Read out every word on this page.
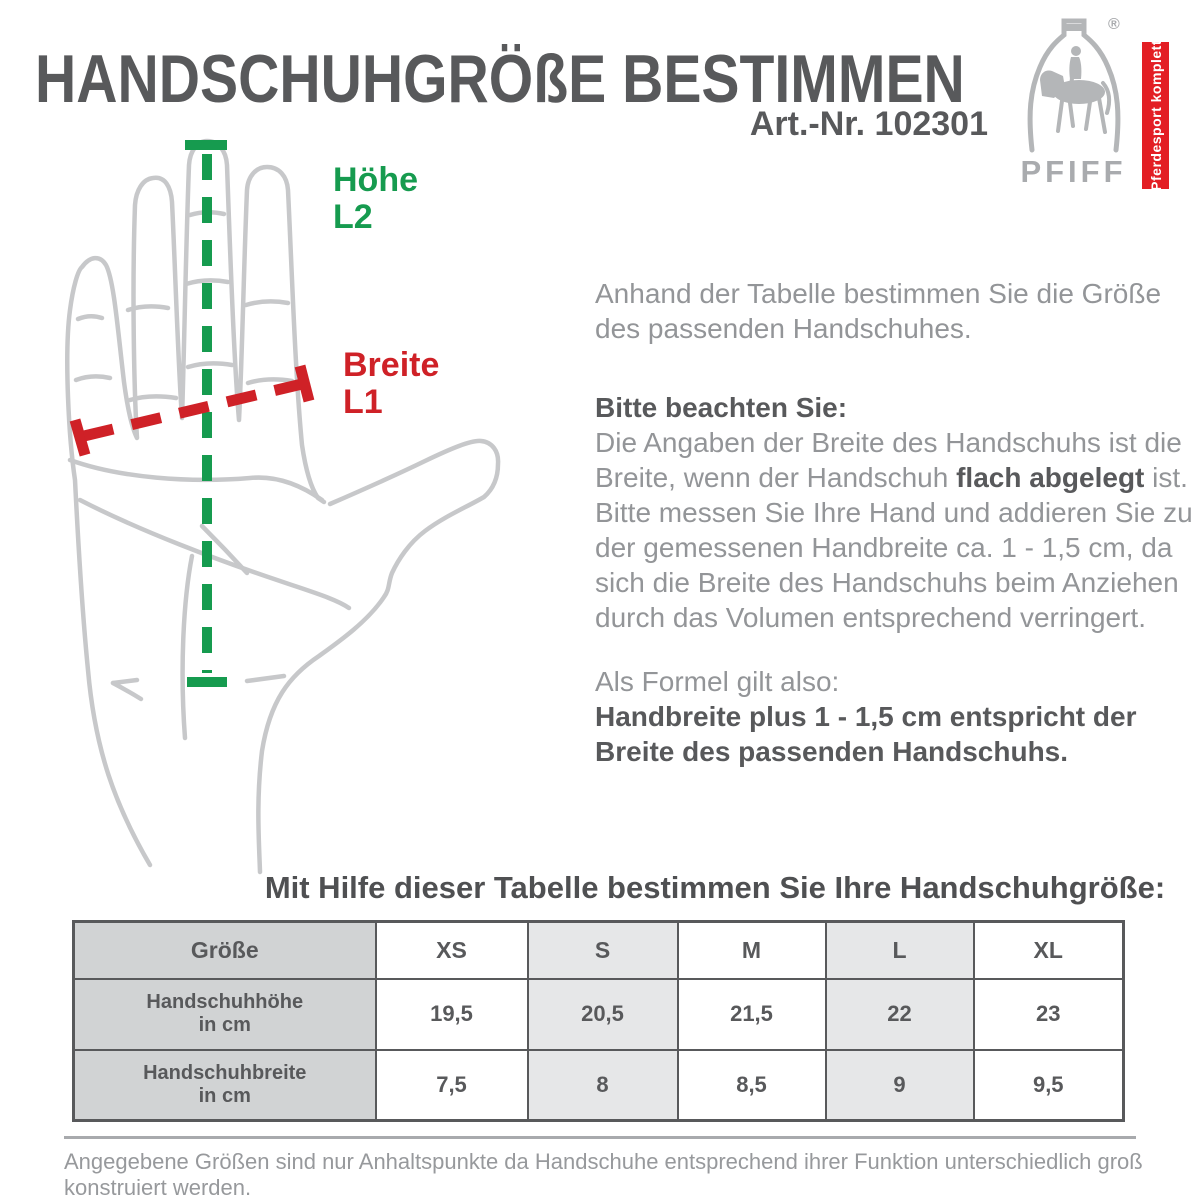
HANDSCHUHGRÖßE BESTIMMEN
Art.-Nr. 102301
®
PFIFF	Pferdesport komplett
Höhe
L2
Breite
L1

Anhand der Tabelle bestimmen Sie die Größe des passenden Handschuhes.

Bitte beachten Sie:
Die Angaben der Breite des Handschuhs ist die Breite, wenn der Handschuh flach abgelegt ist. Bitte messen Sie Ihre Hand und addieren Sie zu der gemessenen Handbreite ca. 1 - 1,5 cm, da sich die Breite des Handschuhs beim Anziehen durch das Volumen entsprechend verringert.
Als Formel gilt also:
Handbreite plus 1 - 1,5 cm entspricht der Breite des passenden Handschuhs.
Mit Hilfe dieser Tabelle bestimmen Sie Ihre Handschuhgröße:
Größe	XS	S	M	L	XL

Handschuhhöhe
in cm	19,5	20,5	21,5	22	23

Handschuhbreite
in cm	7,5	8	8,5	9	9,5
Angegebene Größen sind nur Anhaltspunkte da Handschuhe entsprechend ihrer Funktion unterschiedlich groß konstruiert werden.
